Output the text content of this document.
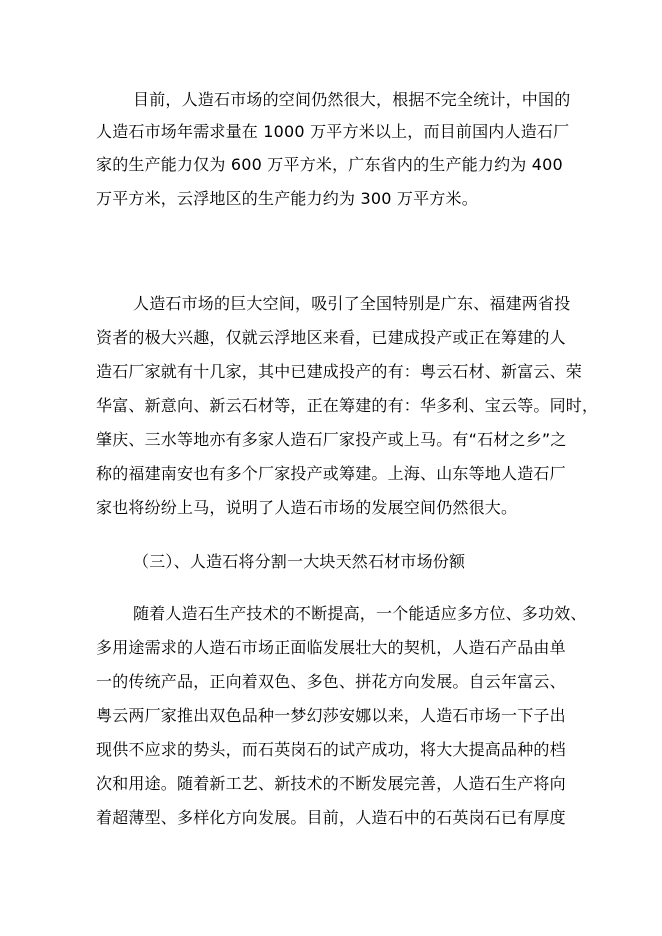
目前，人造石市场的空间仍然很大，根据不完全统计，中国的
人造石市场年需求量在 1000 万平方米以上，而目前国内人造石厂
家的生产能力仅为 600 万平方米，广东省内的生产能力约为 400
万平方米，云浮地区的生产能力约为 300 万平方米。
人造石市场的巨大空间，吸引了全国特别是广东、福建两省投
资者的极大兴趣，仅就云浮地区来看，已建成投产或正在筹建的人
造石厂家就有十几家，其中已建成投产的有：粤云石材、新富云、荣
华富、新意向、新云石材等，正在筹建的有：华多利、宝云等。同时，
肇庆、三水等地亦有多家人造石厂家投产或上马。有“石材之乡”之
称的福建南安也有多个厂家投产或筹建。上海、山东等地人造石厂
家也将纷纷上马，说明了人造石市场的发展空间仍然很大。
（三）、人造石将分割一大块天然石材市场份额
随着人造石生产技术的不断提高，一个能适应多方位、多功效、
多用途需求的人造石市场正面临发展壮大的契机，人造石产品由单
一的传统产品，正向着双色、多色、拼花方向发展。自云年富云、
粤云两厂家推出双色品种一梦幻莎安娜以来，人造石市场一下子出
现供不应求的势头，而石英岗石的试产成功，将大大提高品种的档
次和用途。随着新工艺、新技术的不断发展完善，人造石生产将向
着超薄型、多样化方向发展。目前，人造石中的石英岗石已有厚度
